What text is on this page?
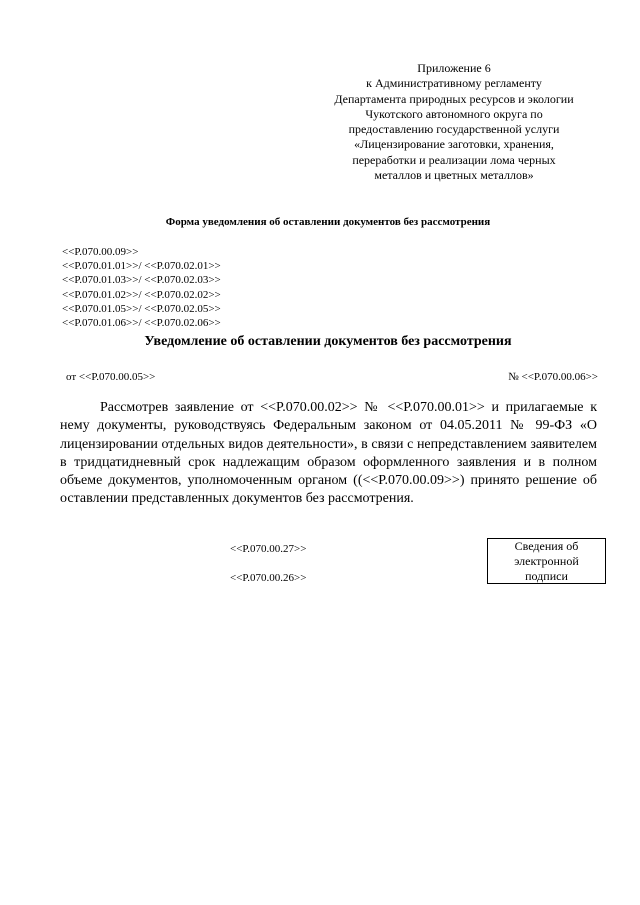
Приложение 6
к Административному регламенту
Департамента природных ресурсов и экологии
Чукотского автономного округа по
предоставлению государственной услуги
«Лицензирование заготовки, хранения,
переработки и реализации лома черных
металлов и цветных металлов»
Форма уведомления об оставлении документов без рассмотрения
<<P.070.00.09>>
<<P.070.01.01>>/ <<P.070.02.01>>
<<P.070.01.03>>/ <<P.070.02.03>>
<<P.070.01.02>>/ <<P.070.02.02>>
<<P.070.01.05>>/ <<P.070.02.05>>
<<P.070.01.06>>/ <<P.070.02.06>>
Уведомление об оставлении документов без рассмотрения
от <<P.070.00.05>>	№ <<P.070.00.06>>

Рассмотрев заявление от <<P.070.00.02>> № <<P.070.00.01>> и прилагаемые к нему документы, руководствуясь Федеральным законом от 04.05.2011 № 99-ФЗ «О лицензировании отдельных видов деятельности», в связи с непредставлением заявителем в тридцатидневный срок надлежащим образом оформленного заявления и в полном объеме документов, уполномоченным органом ((<<P.070.00.09>>) принято решение об оставлении представленных документов без рассмотрения.

<<P.070.00.27>>
<<P.070.00.26>>
Сведения об
электронной
подписи
